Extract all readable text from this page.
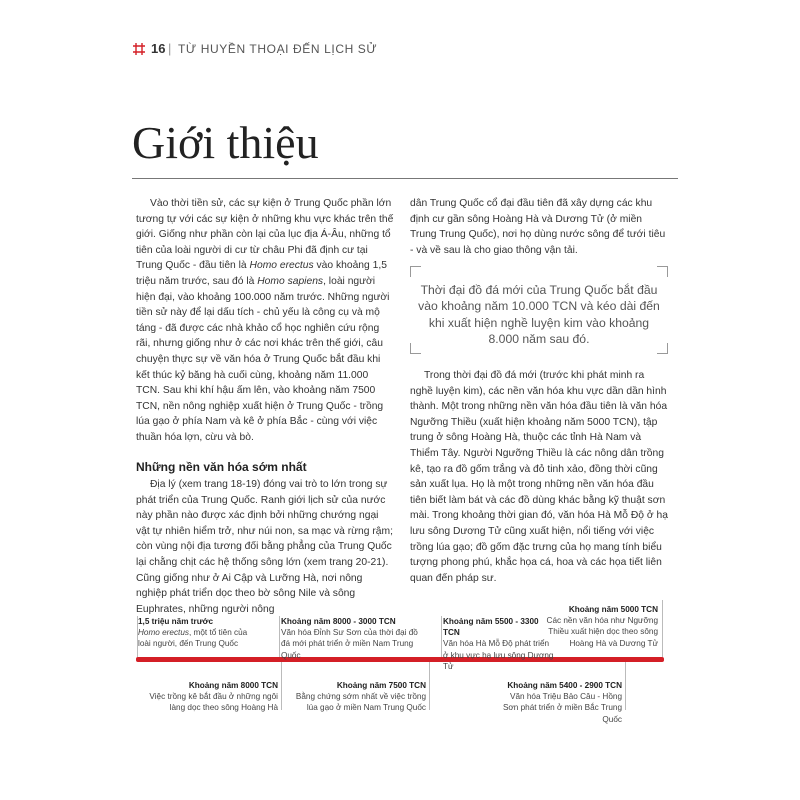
16 | TỪ HUYỀN THOẠI ĐẾN LỊCH SỬ
Giới thiệu

Vào thời tiền sử, các sự kiện ở Trung Quốc phần lớn tương tự với các sự kiện ở những khu vực khác trên thế giới. Giống như phần còn lại của lục địa Á-Âu, những tổ tiên của loài người di cư từ châu Phi đã định cư tại Trung Quốc - đầu tiên là Homo erectus vào khoảng 1,5 triệu năm trước, sau đó là Homo sapiens, loài người hiện đại, vào khoảng 100.000 năm trước. Những người tiền sử này để lại dấu tích - chủ yếu là công cụ và mộ táng - đã được các nhà khảo cổ học nghiên cứu rộng rãi, nhưng giống như ở các nơi khác trên thế giới, câu chuyện thực sự về văn hóa ở Trung Quốc bắt đầu khi kết thúc kỷ băng hà cuối cùng, khoảng năm 11.000 TCN. Sau khi khí hậu ấm lên, vào khoảng năm 7500 TCN, nền nông nghiệp xuất hiện ở Trung Quốc - trồng lúa gạo ở phía Nam và kê ở phía Bắc - cùng với việc thuần hóa lợn, cừu và bò.

Những nền văn hóa sớm nhất

Địa lý (xem trang 18-19) đóng vai trò to lớn trong sự phát triển của Trung Quốc. Ranh giới lịch sử của nước này phần nào được xác định bởi những chướng ngại vật tự nhiên hiểm trở, như núi non, sa mạc và rừng rậm; còn vùng nội địa tương đối bằng phẳng của Trung Quốc lại chằng chịt các hệ thống sông lớn (xem trang 20-21). Cũng giống như ở Ai Cập và Lưỡng Hà, nơi nông nghiệp phát triển dọc theo bờ sông Nile và sông Euphrates, những người nông

dân Trung Quốc cổ đại đầu tiên đã xây dựng các khu định cư gần sông Hoàng Hà và Dương Tử (ở miền Trung Trung Quốc), nơi họ dùng nước sông để tưới tiêu - và về sau là cho giao thông vận tải.

Thời đại đồ đá mới của Trung Quốc bắt đầu vào khoảng năm 10.000 TCN và kéo dài đến khi xuất hiện nghề luyện kim vào khoảng 8.000 năm sau đó.

Trong thời đại đồ đá mới (trước khi phát minh ra nghề luyện kim), các nền văn hóa khu vực dần dần hình thành. Một trong những nền văn hóa đầu tiên là văn hóa Ngưỡng Thiều (xuất hiện khoảng năm 5000 TCN), tập trung ở sông Hoàng Hà, thuộc các tỉnh Hà Nam và Thiểm Tây. Người Ngưỡng Thiều là các nông dân trồng kê, tạo ra đồ gốm trắng và đỏ tinh xảo, đồng thời cũng sản xuất lụa. Họ là một trong những nền văn hóa đầu tiên biết làm bát và các đồ dùng khác bằng kỹ thuật sơn mài. Trong khoảng thời gian đó, văn hóa Hà Mỗ Độ ở hạ lưu sông Dương Tử cũng xuất hiện, nổi tiếng với việc trồng lúa gạo; đồ gốm đặc trưng của họ mang tính biểu tượng phong phú, khắc họa cá, hoa và các họa tiết liên quan đến pháp sư.

1,5 triệu năm trước
Homo erectus, một tổ tiên của loài người, đến Trung Quốc
Khoảng năm 8000 - 3000 TCN
Văn hóa Đỉnh Sư Sơn của thời đại đồ đá mới phát triển ở miền Nam Trung Quốc
Khoảng năm 5500 - 3300 TCN
Văn hóa Hà Mỗ Độ phát triển ở khu vực hạ lưu sông Dương Tử
Khoảng năm 5000 TCN
Các nền văn hóa như Ngưỡng Thiều xuất hiện dọc theo sông Hoàng Hà và Dương Tử
Khoảng năm 8000 TCN
Việc trồng kê bắt đầu ở những ngôi làng dọc theo sông Hoàng Hà
Khoảng năm 7500 TCN
Bằng chứng sớm nhất về việc trồng lúa gạo ở miền Nam Trung Quốc
Khoảng năm 5400 - 2900 TCN
Văn hóa Triệu Bảo Câu - Hồng Sơn phát triển ở miền Bắc Trung Quốc
